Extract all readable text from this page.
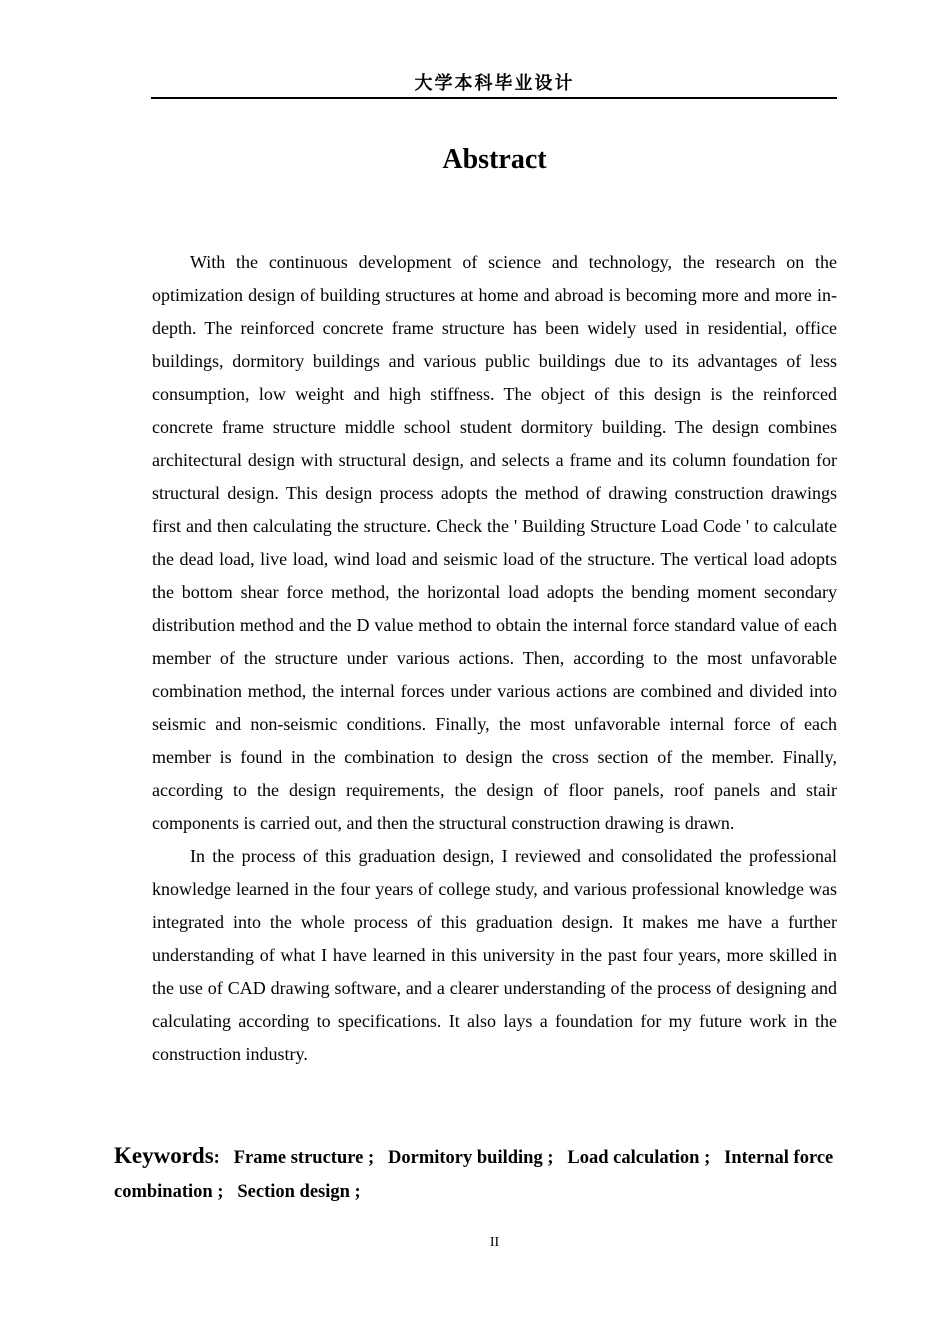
大学本科毕业设计
Abstract

With the continuous development of science and technology, the research on the optimization design of building structures at home and abroad is becoming more and more in-depth. The reinforced concrete frame structure has been widely used in residential, office buildings, dormitory buildings and various public buildings due to its advantages of less consumption, low weight and high stiffness. The object of this design is the reinforced concrete frame structure middle school student dormitory building. The design combines architectural design with structural design, and selects a frame and its column foundation for structural design. This design process adopts the method of drawing construction drawings first and then calculating the structure. Check the ' Building Structure Load Code ' to calculate the dead load, live load, wind load and seismic load of the structure. The vertical load adopts the bottom shear force method, the horizontal load adopts the bending moment secondary distribution method and the D value method to obtain the internal force standard value of each member of the structure under various actions. Then, according to the most unfavorable combination method, the internal forces under various actions are combined and divided into seismic and non-seismic conditions. Finally, the most unfavorable internal force of each member is found in the combination to design the cross section of the member. Finally, according to the design requirements, the design of floor panels, roof panels and stair components is carried out, and then the structural construction drawing is drawn.

In the process of this graduation design, I reviewed and consolidated the professional knowledge learned in the four years of college study, and various professional knowledge was integrated into the whole process of this graduation design. It makes me have a further understanding of what I have learned in this university in the past four years, more skilled in the use of CAD drawing software, and a clearer understanding of the process of designing and calculating according to specifications. It also lays a foundation for my future work in the construction industry.

Keywords: Frame structure ; Dormitory building ; Load calculation ; Internal force combination ; Section design ;
II
